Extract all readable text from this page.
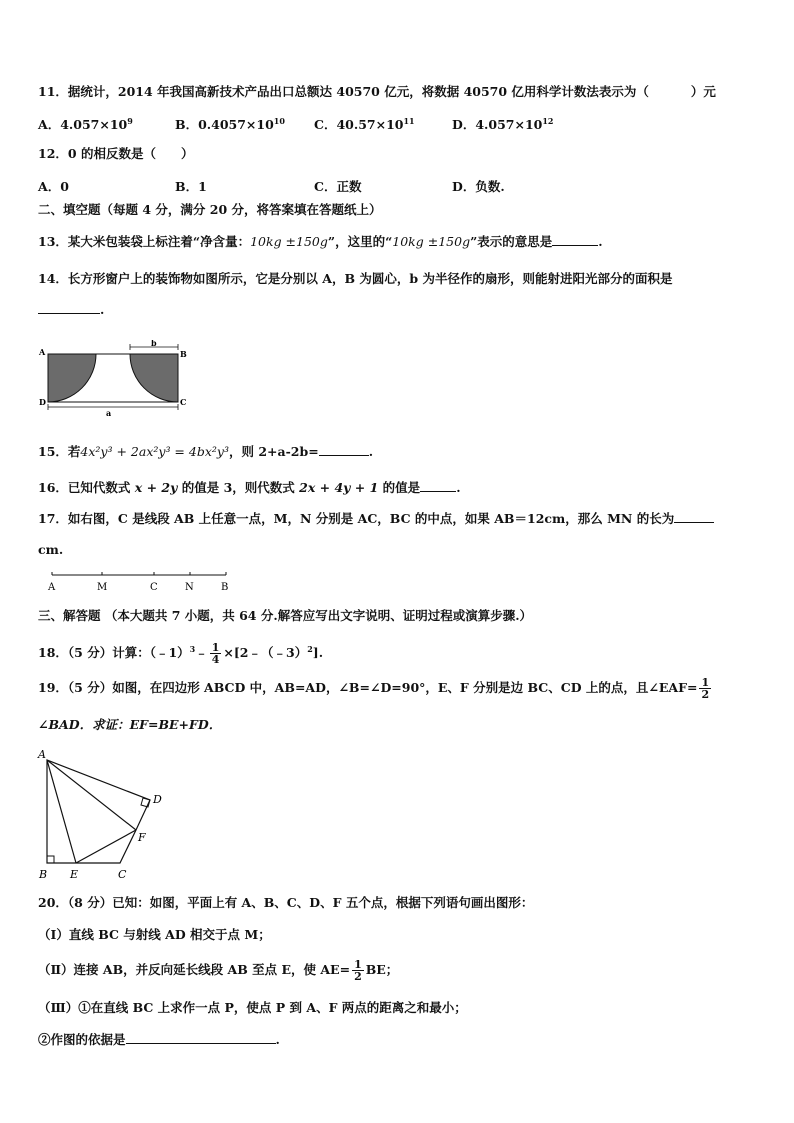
11．据统计，2014 年我国高新技术产品出口总额达 40570 亿元，将数据 40570 亿用科学计数法表示为（	）元
A．$4.057\times 10^9$	B．$0.4057\times 10^{10}$ C．$40.57\times 10^{11}$	D．$4.057\times 10^{12}$
12．0 的相反数是（　　）
A．0	B．1	C．正数	D．负数.
二、填空题（每题 4 分，满分 20 分，将答案填在答题纸上）
13．某大米包装袋上标注着“净含量：10kg ±150g”，这里的“10kg ±150g”表示的意思是	.
14．长方形窗户上的装饰物如图所示，它是分别以 A，B 为圆心，b 为半径作的扇形，则能射进阳光部分的面积是
.
A	B
C
D
b
a
15．若4x²y³ + 2ax²y³ = 4bx²y³，则 2+a-2b=	.
16．已知代数式 x + 2y 的值是 3，则代数式 2x + 4y + 1 的值是	.
17．如右图，C 是线段 AB 上任意一点，M，N 分别是 AC，BC 的中点，如果 AB＝12cm，那么 MN 的长为
cm.
A	M	C	N	B
三、解答题 （本大题共 7 小题，共 64 分.解答应写出文字说明、证明过程或演算步骤.）
18．（5 分）计算：（﹣1）$^3$﹣ $\frac{1}{4}$ ×[2﹣（﹣3）$^2$].
19．（5 分）如图，在四边形 ABCD 中，AB=AD，∠B=∠D=90°，E、F 分别是边 BC、CD 上的点，且∠EAF= $\frac{1}{2}$
∠BAD．求证：EF=BE+FD．
A
B E	C
F
D
20．（8 分）已知：如图，平面上有 A、B、C、D、F 五个点，根据下列语句画出图形：
（Ⅰ）直线 BC 与射线 AD 相交于点 M；
（Ⅱ）连接 AB，并反向延长线段 AB 至点 E，使 $AE= \frac{1}{2}$ BE；
（Ⅲ）①在直线 BC 上求作一点 P，使点 P 到 A、F 两点的距离之和最小；
②作图的依据是	.
